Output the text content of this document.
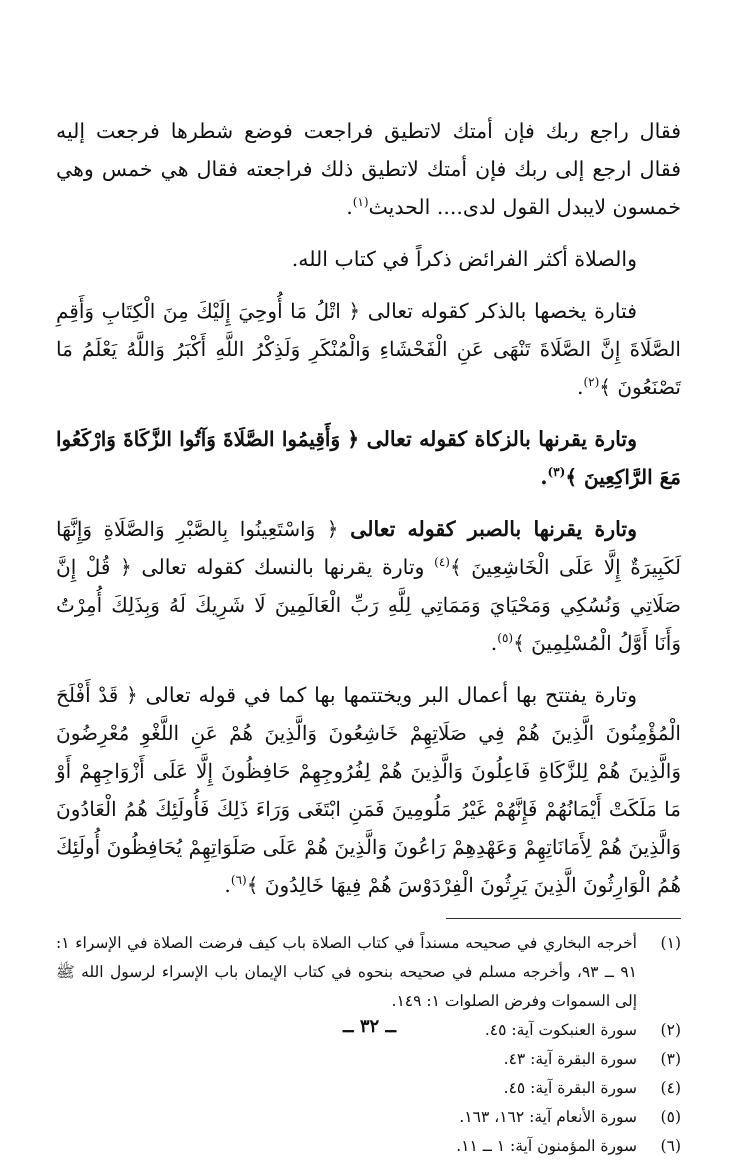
فقال راجع ربك فإن أمتك لاتطيق فراجعت فوضع شطرها فرجعت إليه فقال ارجع إلى ربك فإن أمتك لاتطيق ذلك فراجعته فقال هي خمس وهي خمسون لايبدل القول لدى.... الحديث$^{(١)}$.

والصلاة أكثر الفرائض ذكراً في كتاب الله.

فتارة يخصها بالذكر كقوله تعالى ﴿ اتْلُ مَا أُوحِيَ إِلَيْكَ مِنَ الْكِتَابِ وَأَقِمِ الصَّلَاةَ إِنَّ الصَّلَاةَ تَنْهَى عَنِ الْفَحْشَاءِ وَالْمُنْكَرِ وَلَذِكْرُ اللَّهِ أَكْبَرُ وَاللَّهُ يَعْلَمُ مَا تَصْنَعُونَ ﴾$^{(٢)}$.

وتارة يقرنها بالزكاة كقوله تعالى ﴿ وَأَقِيمُوا الصَّلَاةَ وَآتُوا الزَّكَاةَ وَارْكَعُوا مَعَ الرَّاكِعِينَ ﴾$^{(٣)}$.

وتارة يقرنها بالصبر كقوله تعالى ﴿ وَاسْتَعِينُوا بِالصَّبْرِ وَالصَّلَاةِ وَإِنَّهَا لَكَبِيرَةٌ إِلَّا عَلَى الْخَاشِعِينَ ﴾$^{(٤)}$ وتارة يقرنها بالنسك كقوله تعالى ﴿ قُلْ إِنَّ صَلَاتِي وَنُسُكِي وَمَحْيَايَ وَمَمَاتِي لِلَّهِ رَبِّ الْعَالَمِينَ لَا شَرِيكَ لَهُ وَبِذَلِكَ أُمِرْتُ وَأَنَا أَوَّلُ الْمُسْلِمِينَ ﴾$^{(٥)}$.

وتارة يفتتح بها أعمال البر ويختتمها بها كما في قوله تعالى ﴿ قَدْ أَفْلَحَ الْمُؤْمِنُونَ الَّذِينَ هُمْ فِي صَلَاتِهِمْ خَاشِعُونَ وَالَّذِينَ هُمْ عَنِ اللَّغْوِ مُعْرِضُونَ وَالَّذِينَ هُمْ لِلزَّكَاةِ فَاعِلُونَ وَالَّذِينَ هُمْ لِفُرُوجِهِمْ حَافِظُونَ إِلَّا عَلَى أَزْوَاجِهِمْ أَوْ مَا مَلَكَتْ أَيْمَانُهُمْ فَإِنَّهُمْ غَيْرُ مَلُومِينَ فَمَنِ ابْتَغَى وَرَاءَ ذَلِكَ فَأُولَئِكَ هُمُ الْعَادُونَ وَالَّذِينَ هُمْ لِأَمَانَاتِهِمْ وَعَهْدِهِمْ رَاعُونَ وَالَّذِينَ هُمْ عَلَى صَلَوَاتِهِمْ يُحَافِظُونَ أُولَئِكَ هُمُ الْوَارِثُونَ الَّذِينَ يَرِثُونَ الْفِرْدَوْسَ هُمْ فِيهَا خَالِدُونَ ﴾$^{(٦)}$.

(١)
أخرجه البخاري في صحيحه مسنداً في كتاب الصلاة باب كيف فرضت الصلاة في الإسراء ١: ٩١ ــ ٩٣، وأخرجه مسلم في صحيحه بنحوه في كتاب الإيمان باب الإسراء لرسول الله ﷺ إلى السموات وفرض الصلوات ١: ١٤٩.
(٢)
سورة العنبكوت آية: ٤٥.
(٣)
سورة البقرة آية: ٤٣.
(٤)
سورة البقرة آية: ٤٥.
(٥)
سورة الأنعام آية: ١٦٢، ١٦٣.
(٦)
سورة المؤمنون آية: ١ ــ ١١.
ــ ٣٢ ــ
